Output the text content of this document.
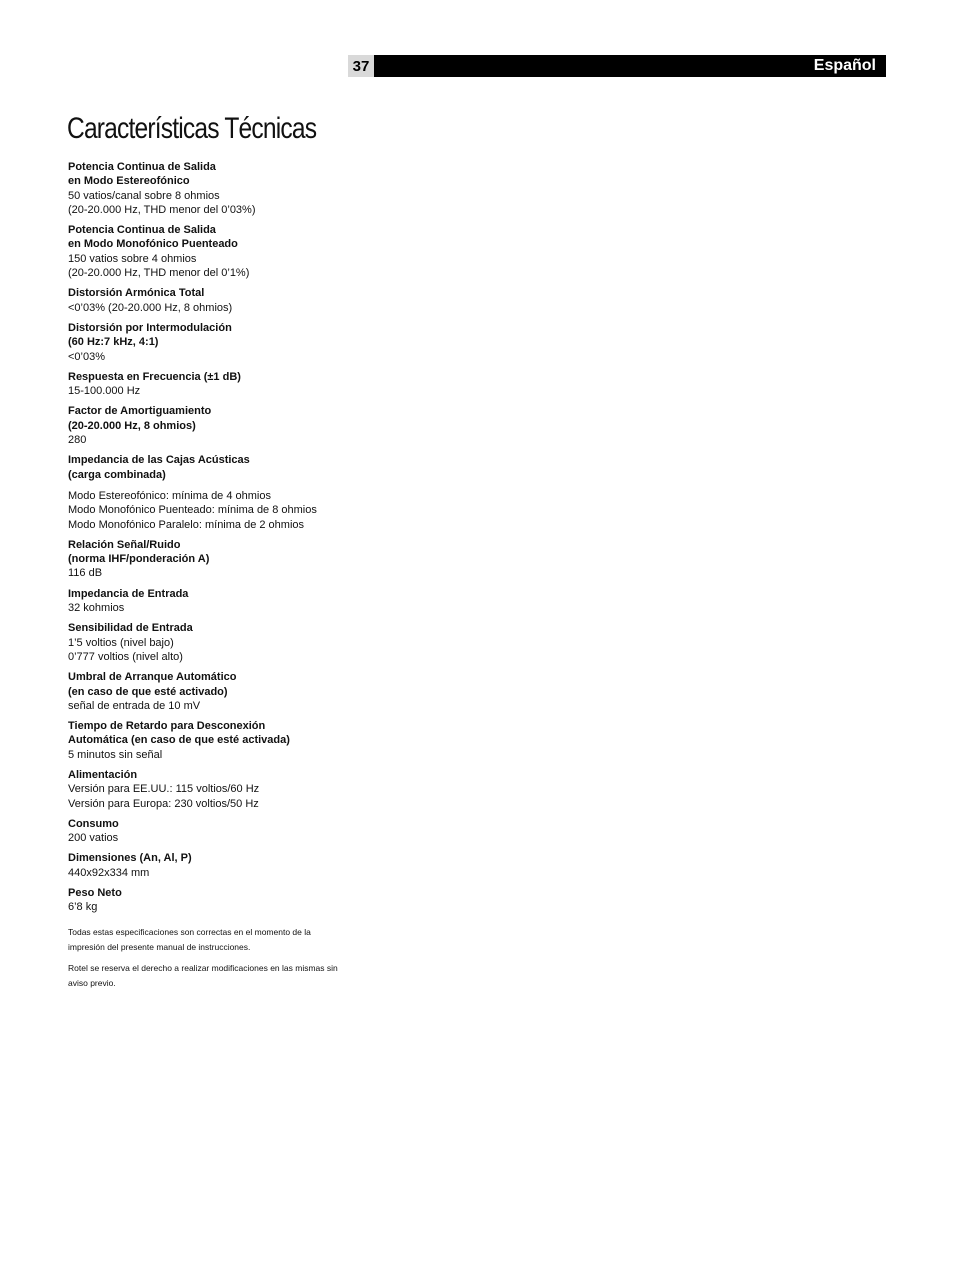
37	Español
Características Técnicas
Potencia Continua de Salida
en Modo Estereofónico
50 vatios/canal sobre 8 ohmios
(20-20.000 Hz, THD menor del 0’03%)
Potencia Continua de Salida
en Modo Monofónico Puenteado
150 vatios sobre 4 ohmios
(20-20.000 Hz, THD menor del 0’1%)
Distorsión Armónica Total
<0’03% (20-20.000 Hz, 8 ohmios)
Distorsión por Intermodulación
(60 Hz:7 kHz, 4:1)
<0’03%
Respuesta en Frecuencia (±1 dB)
15-100.000 Hz
Factor de Amortiguamiento
(20-20.000 Hz, 8 ohmios)
280
Impedancia de las Cajas Acústicas
(carga combinada)
Modo Estereofónico: mínima de 4 ohmios
Modo Monofónico Puenteado: mínima de 8 ohmios
Modo Monofónico Paralelo: mínima de 2 ohmios
Relación Señal/Ruido
(norma IHF/ponderación A)
116 dB
Impedancia de Entrada
32 kohmios
Sensibilidad de Entrada
1’5 voltios (nivel bajo)
0’777 voltios (nivel alto)
Umbral de Arranque Automático
(en caso de que esté activado)
señal de entrada de 10 mV
Tiempo de Retardo para Desconexión
Automática (en caso de que esté activada)
5 minutos sin señal
Alimentación
Versión para EE.UU.: 115 voltios/60 Hz
Versión para Europa: 230 voltios/50 Hz
Consumo
200 vatios
Dimensiones (An, Al, P)
440x92x334 mm
Peso Neto
6’8 kg
Todas estas especificaciones son correctas en el momento de la impresión del presente manual de instrucciones.
Rotel se reserva el derecho a realizar modificaciones en las mismas sin aviso previo.
